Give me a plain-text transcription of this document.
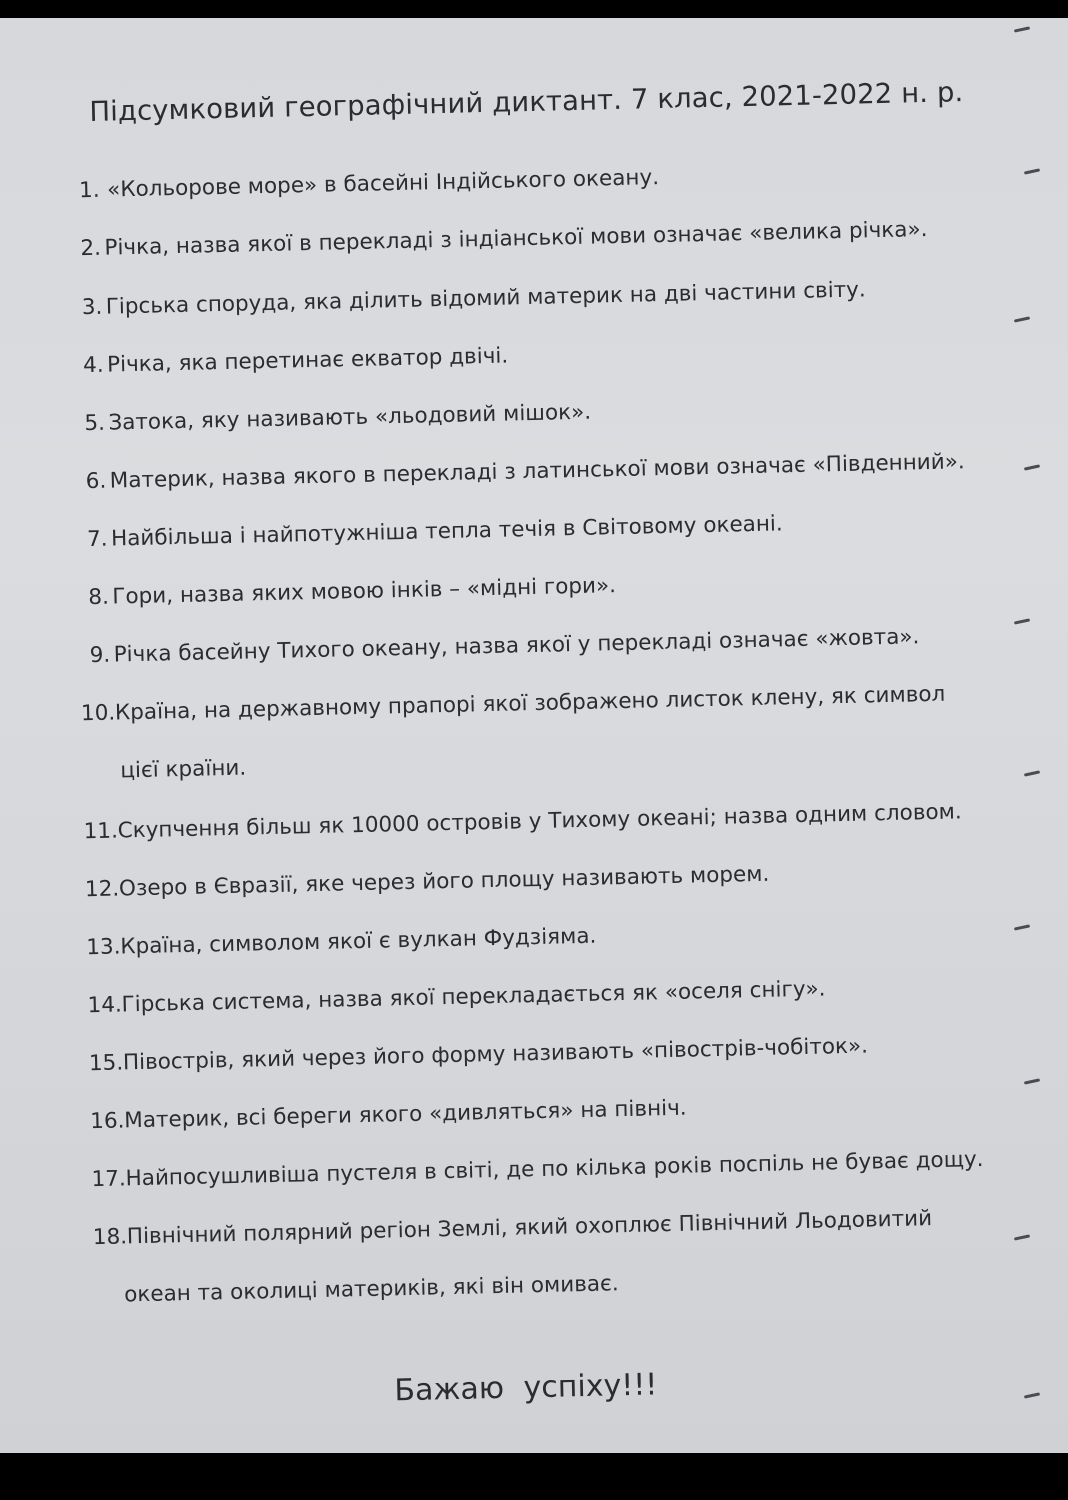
Підсумковий географічний диктант. 7 клас, 2021-2022 н. р.
1. «Кольорове море» в басейні Індійського океану.
2. Річка, назва якої в перекладі з індіанської мови означає «велика річка».
3. Гірська споруда, яка ділить відомий материк на дві частини світу.
4. Річка, яка перетинає екватор двічі.
5. Затока, яку називають «льодовий мішок».
6. Материк, назва якого в перекладі з латинської мови означає «Південний».
7. Найбільша і найпотужніша тепла течія в Світовому океані.
8. Гори, назва яких мовою інків – «мідні гори».
9. Річка басейну Тихого океану, назва якої у перекладі означає «жовта».
10. Країна, на державному прапорі якої зображено листок клену, як символ
цієї країни.
11. Скупчення більш як 10000 островів у Тихому океані; назва одним словом.
12. Озеро в Євразії, яке через його площу називають морем.
13. Країна, символом якої є вулкан Фудзіяма.
14. Гірська система, назва якої перекладається як «оселя снігу».
15. Півострів, який через його форму називають «півострів-чобіток».
16. Материк, всі береги якого «дивляться» на північ.
17. Найпосушливіша пустеля в світі, де по кілька років поспіль не буває дощу.
18. Північний полярний регіон Землі, який охоплює Північний Льодовитий
океан та околиці материків, які він омиває.
Бажаю успіху!!!
